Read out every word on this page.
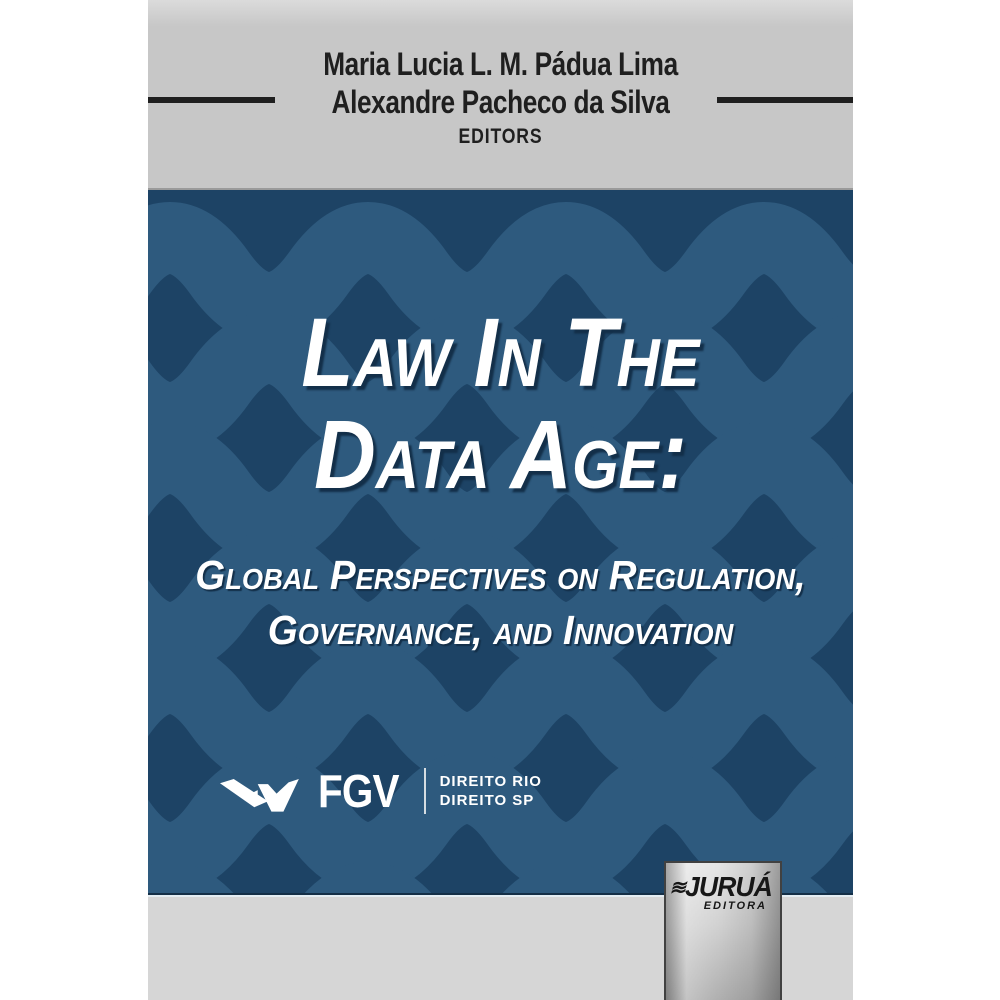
Maria Lucia L. M. Pádua Lima
Alexandre Pacheco da Silva
EDITORS
Law In The
Data Age:
Global Perspectives on Regulation,
Governance, and Innovation
FGV	DIREITO RIO
DIREITO SP
≋ JURUÁ
EDITORA
